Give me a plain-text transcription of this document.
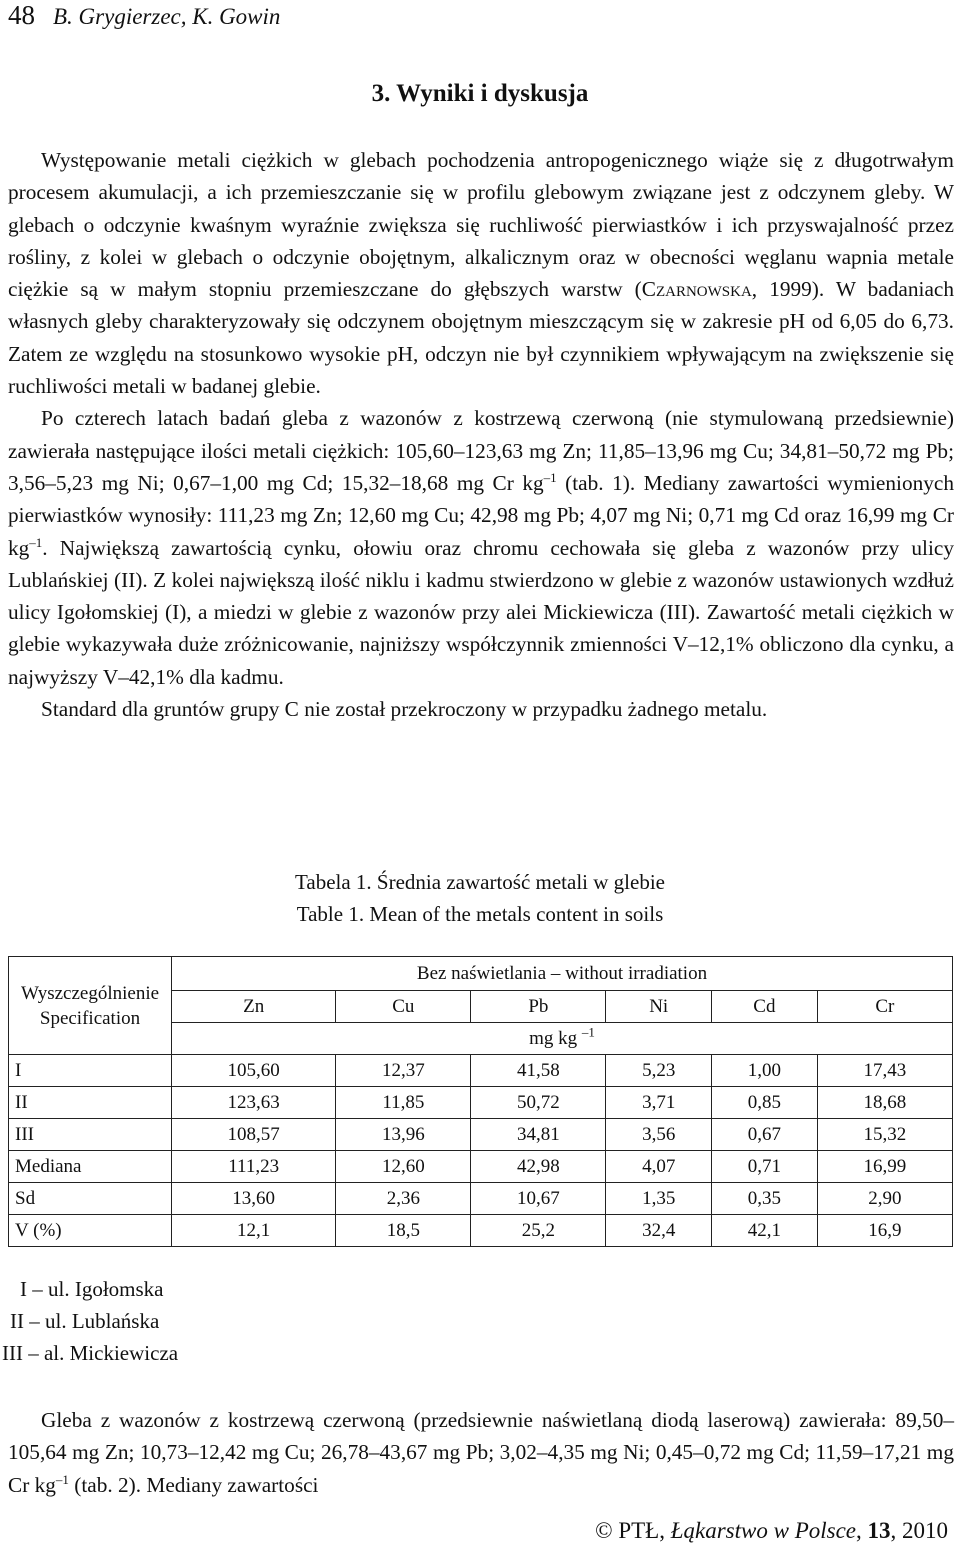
48 B. Grygierzec, K. Gowin
3. Wyniki i dyskusja

Występowanie metali ciężkich w glebach pochodzenia antropogenicznego wiąże się z długotrwałym procesem akumulacji, a ich przemieszczanie się w profilu glebowym związane jest z odczynem gleby. W glebach o odczynie kwaśnym wyraźnie zwiększa się ruchliwość pierwiastków i ich przyswajalność przez rośliny, z kolei w glebach o odczynie obojętnym, alkalicznym oraz w obecności węglanu wapnia metale ciężkie są w małym stopniu przemieszczane do głębszych warstw (Czarnowska, 1999). W badaniach własnych gleby charakteryzowały się odczynem obojętnym mieszczącym się w zakresie pH od 6,05 do 6,73. Zatem ze względu na stosunkowo wysokie pH, odczyn nie był czynnikiem wpływającym na zwiększenie się ruchliwości metali w badanej glebie.

Po czterech latach badań gleba z wazonów z kostrzewą czerwoną (nie stymulowaną przedsiewnie) zawierała następujące ilości metali ciężkich: 105,60–123,63 mg Zn; 11,85–13,96 mg Cu; 34,81–50,72 mg Pb; 3,56–5,23 mg Ni; 0,67–1,00 mg Cd; 15,32–18,68 mg Cr $kg^{-1}$ (tab. 1). Mediany zawartości wymienionych pierwiastków wynosiły: 111,23 mg Zn; 12,60 mg Cu; 42,98 mg Pb; 4,07 mg Ni; 0,71 mg Cd oraz 16,99 mg Cr $kg^{-1}$. Największą zawartością cynku, ołowiu oraz chromu cechowała się gleba z wazonów przy ulicy Lublańskiej (II). Z kolei największą ilość niklu i kadmu stwierdzono w glebie z wazonów ustawionych wzdłuż ulicy Igołomskiej (I), a miedzi w glebie z wazonów przy alei Mickiewicza (III). Zawartość metali ciężkich w glebie wykazywała duże zróżnicowanie, najniższy współczynnik zmienności V–12,1% obliczono dla cynku, a najwyższy V–42,1% dla kadmu.

Standard dla gruntów grupy C nie został przekroczony w przypadku żadnego metalu.

Tabela 1. Średnia zawartość metali w glebie
Table 1. Mean of the metals content in soils
Wyszczególnienie
Specification	Bez naświetlania – without irradiation					
	Zn	Cu	Pb	Ni	Cd	Cr
	mg kg $^{-1}$
I	105,60	12,37	41,58	5,23	1,00	17,43
II	123,63	11,85	50,72	3,71	0,85	18,68
III	108,57	13,96	34,81	3,56	0,67	15,32
Mediana	111,23	12,60	42,98	4,07	0,71	16,99
Sd	13,60	2,36	10,67	1,35	0,35	2,90
V (%)	12,1	18,5	25,2	32,4	42,1	16,9
I – ul. Igołomska
II – ul. Lublańska
III – al. Mickiewicza

Gleba z wazonów z kostrzewą czerwoną (przedsiewnie naświetlaną diodą laserową) zawierała: 89,50–105,64 mg Zn; 10,73–12,42 mg Cu; 26,78–43,67 mg Pb; 3,02–4,35 mg Ni; 0,45–0,72 mg Cd; 11,59–17,21 mg Cr $kg^{-1}$ (tab. 2). Mediany zawartości

© PTŁ, Łąkarstwo w Polsce, 13, 2010
